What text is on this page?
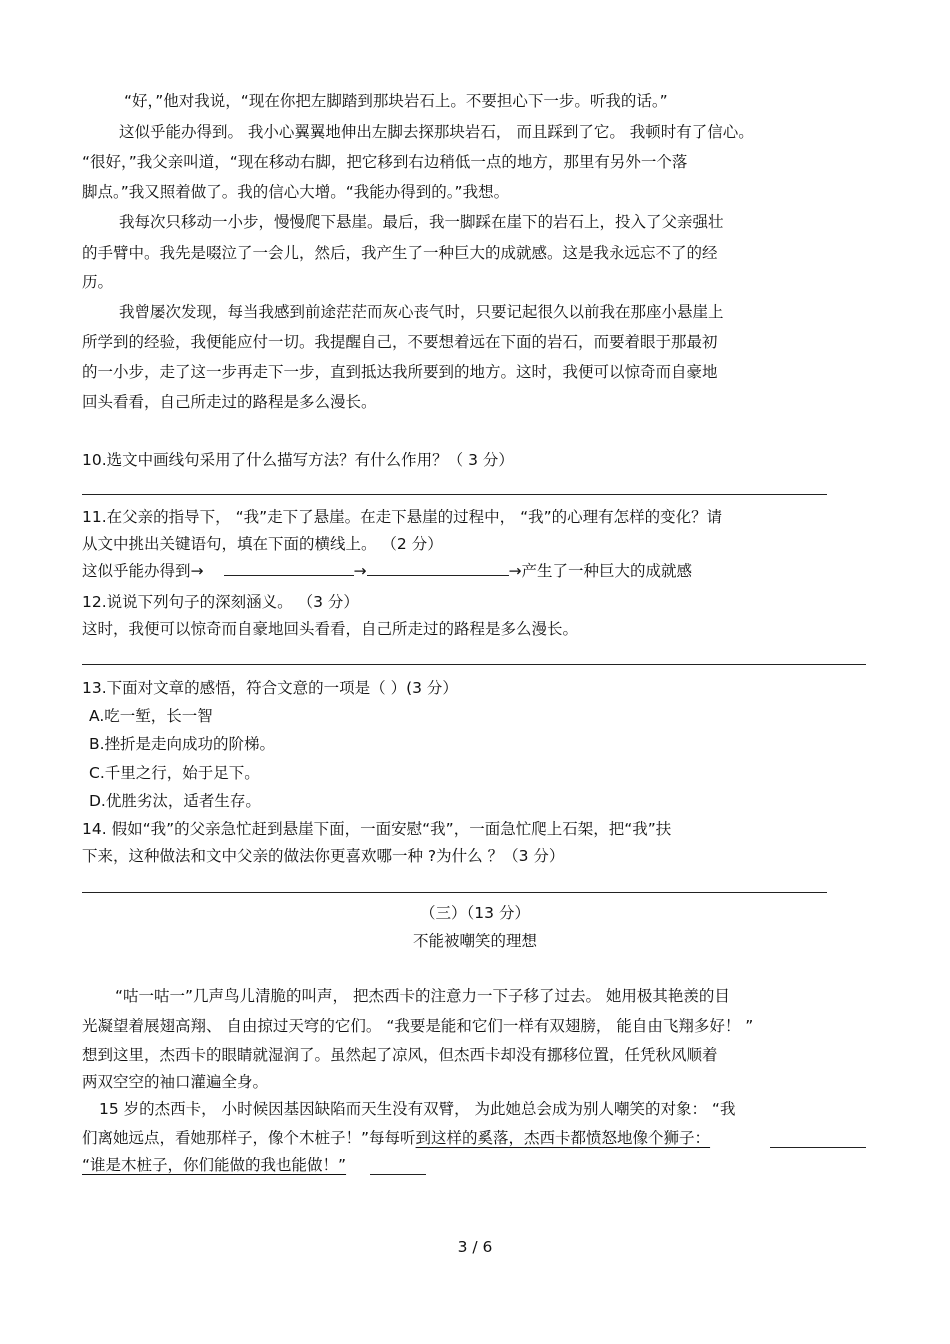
“好，”他对我说，“现在你把左脚踏到那块岩石上。不要担心下一步。听我的话。”
这似乎能办得到。 我小心翼翼地伸出左脚去探那块岩石， 而且踩到了它。 我顿时有了信心。
“很好，”我父亲叫道，“现在移动右脚，把它移到右边稍低一点的地方，那里有另外一个落
脚点。”我又照着做了。我的信心大增。“我能办得到的。”我想。
我每次只移动一小步，慢慢爬下悬崖。最后，我一脚踩在崖下的岩石上，投入了父亲强壮
的手臂中。我先是啜泣了一会儿，然后，我产生了一种巨大的成就感。这是我永远忘不了的经
历。
我曾屡次发现，每当我感到前途茫茫而灰心丧气时，只要记起很久以前我在那座小悬崖上
所学到的经验，我便能应付一切。我提醒自己，不要想着远在下面的岩石，而要着眼于那最初
的一小步，走了这一步再走下一步，直到抵达我所要到的地方。这时，我便可以惊奇而自豪地
回头看看，自己所走过的路程是多么漫长。
10.选文中画线句采用了什么描写方法？有什么作用？（ 3 分）
11.在父亲的指导下， “我”走下了悬崖。在走下悬崖的过程中， “我”的心理有怎样的变化？请
从文中挑出关键语句，填在下面的横线上。 （2 分）
这似乎能办得到→	→	→产生了一种巨大的成就感
12.说说下列句子的深刻涵义。 （3 分）
这时，我便可以惊奇而自豪地回头看看，自己所走过的路程是多么漫长。
13.下面对文章的感悟，符合文意的一项是（ ）(3 分）
A.吃一堑，长一智
B.挫折是走向成功的阶梯。
C.千里之行，始于足下。
D.优胜劣汰，适者生存。
14. 假如“我”的父亲急忙赶到悬崖下面，一面安慰“我”，一面急忙爬上石架，把“我”扶
下来，这种做法和文中父亲的做法你更喜欢哪一种 ?为什么 ？（3 分）
（三）（13 分）
不能被嘲笑的理想
“咕一咕一”几声鸟儿清脆的叫声， 把杰西卡的注意力一下子移了过去。 她用极其艳羡的目
光凝望着展翅高翔、 自由掠过天穹的它们。 “我要是能和它们一样有双翅膀， 能自由飞翔多好！ ”
想到这里，杰西卡的眼睛就湿润了。虽然起了凉风，但杰西卡却没有挪移位置，任凭秋风顺着
两双空空的袖口灌遍全身。
15 岁的杰西卡， 小时候因基因缺陷而天生没有双臂， 为此她总会成为别人嘲笑的对象： “我
们离她远点，看她那样子，像个木桩子！”每每听到这样的奚落，杰西卡都愤怒地像个狮子：
“谁是木桩子，你们能做的我也能做！”
3 / 6
